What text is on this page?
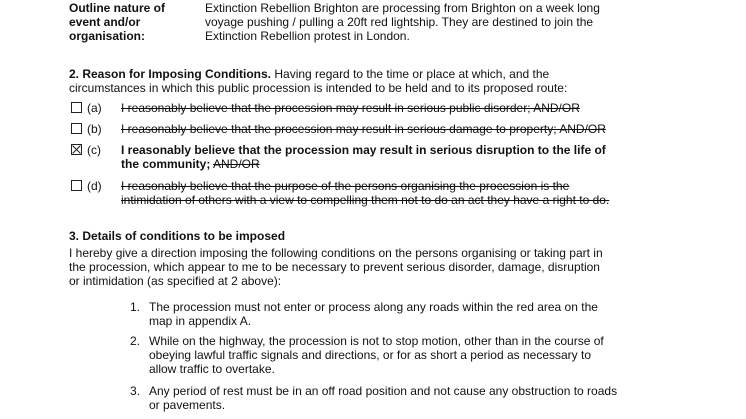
Outline nature of
event and/or
organisation:
Extinction Rebellion Brighton are processing from Brighton on a week long
voyage pushing / pulling a 20ft red lightship. They are destined to join the
Extinction Rebellion protest in London.
2. Reason for Imposing Conditions. Having regard to the time or place at which, and the
circumstances in which this public procession is intended to be held and to its proposed route:
(a) I reasonably believe that the procession may result in serious public disorder; AND/OR
(b) I reasonably believe that the procession may result in serious damage to property; AND/OR
(c) I reasonably believe that the procession may result in serious disruption to the life of
the community; AND/OR
(d) I reasonably believe that the purpose of the persons organising the procession is the
intimidation of others with a view to compelling them not to do an act they have a right to do.
3. Details of conditions to be imposed
I hereby give a direction imposing the following conditions on the persons organising or taking part in
the procession, which appear to me to be necessary to prevent serious disorder, damage, disruption
or intimidation (as specified at 2 above):
1. The procession must not enter or process along any roads within the red area on the
map in appendix A.
2. While on the highway, the procession is not to stop motion, other than in the course of
obeying lawful traffic signals and directions, or for as short a period as necessary to
allow traffic to overtake.
3. Any period of rest must be in an off road position and not cause any obstruction to roads
or pavements.
